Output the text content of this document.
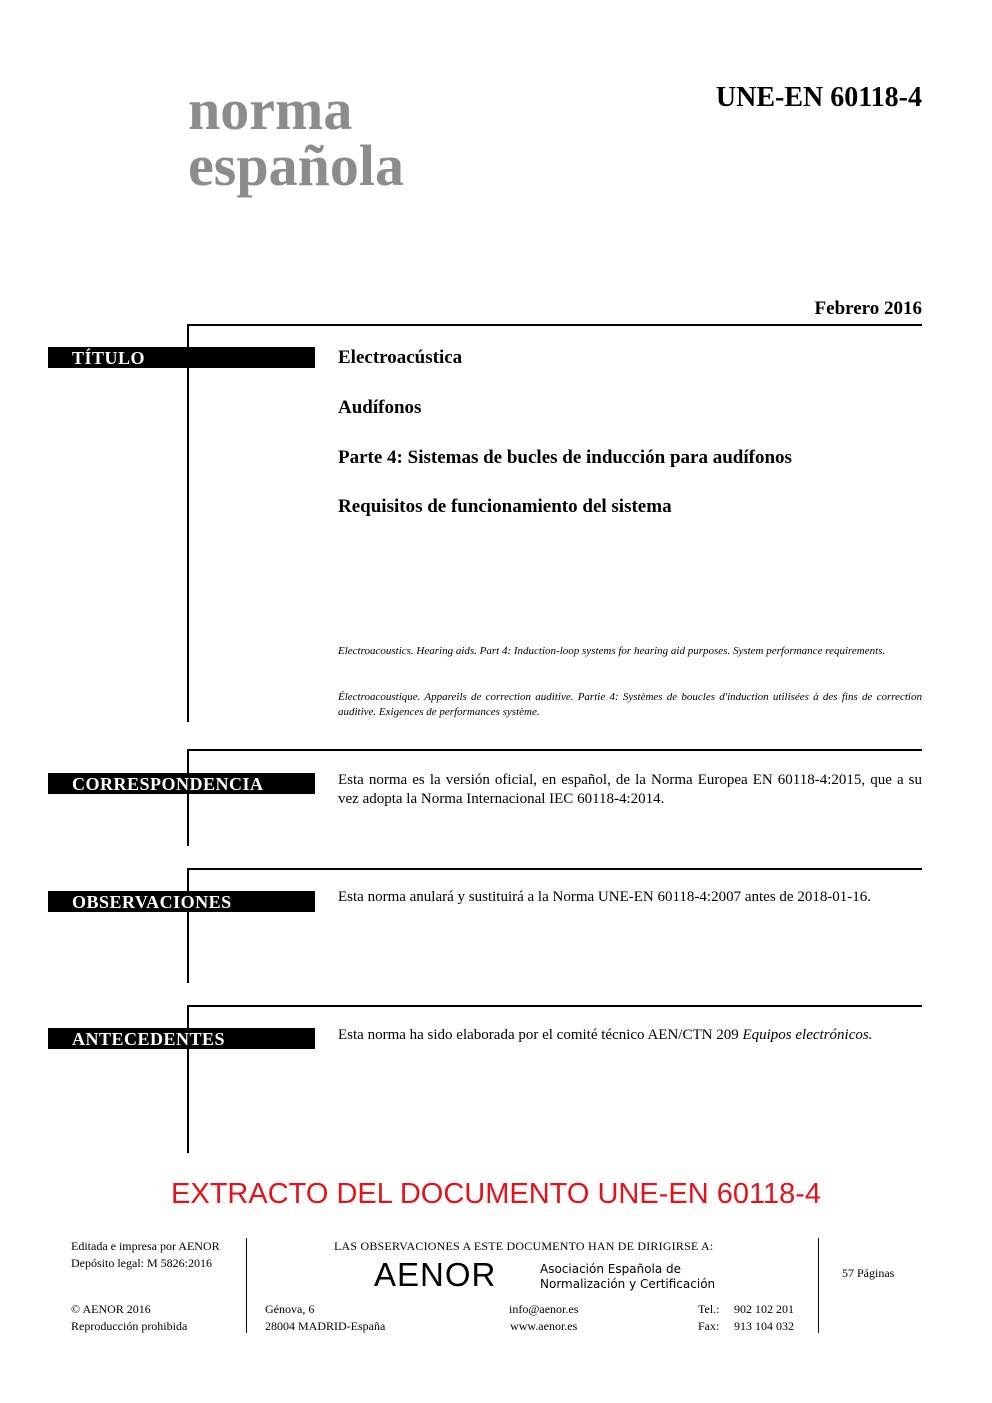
norma
española
UNE-EN 60118-4
Febrero 2016
TÍTULO	Electroacústica
Audífonos
Parte 4: Sistemas de bucles de inducción para audífonos
Requisitos de funcionamiento del sistema
Electroacoustics. Hearing aids. Part 4: Induction-loop systems for hearing aid purposes. System performance requirements.
Électroacoustique. Appareils de correction auditive. Partie 4: Systèmes de boucles d'induction utilisées à des fins de correction auditive. Exigences de performances système.
CORRESPONDENCIA	Esta norma es la versión oficial, en español, de la Norma Europea EN 60118-4:2015, que a su vez adopta la Norma Internacional IEC 60118-4:2014.
OBSERVACIONES	Esta norma anulará y sustituirá a la Norma UNE-EN 60118-4:2007 antes de 2018-01-16.
ANTECEDENTES	Esta norma ha sido elaborada por el comité técnico AEN/CTN 209 Equipos electrónicos.
EXTRACTO DEL DOCUMENTO UNE-EN 60118-4
Editada e impresa por AENOR
Depósito legal: M 5826:2016
© AENOR 2016
Reproducción prohibida
LAS OBSERVACIONES A ESTE DOCUMENTO HAN DE DIRIGIRSE A:
AENOR	Asociación Española de
Normalización y Certificación
Génova, 6
28004 MADRID-España
info@aenor.es
www.aenor.es
Tel.: 902 102 201
Fax: 913 104 032
57 Páginas
